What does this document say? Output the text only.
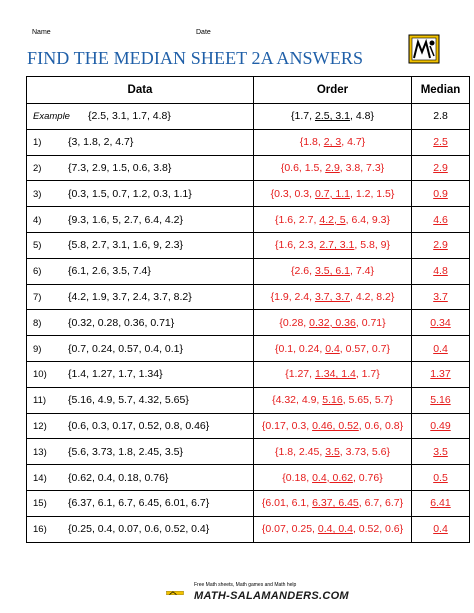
Name	Date
FIND THE MEDIAN SHEET 2A ANSWERS
Data	Order	Median
Example {2.5, 3.1, 1.7, 4.8}	{1.7, 2.5, 3.1, 4.8}	2.8
1) {3, 1.8, 2, 4.7}	{1.8, 2, 3, 4.7}	2.5
2) {7.3, 2.9, 1.5, 0.6, 3.8}	{0.6, 1.5, 2.9, 3.8, 7.3}	2.9
3) {0.3, 1.5, 0.7, 1.2, 0.3, 1.1}	{0.3, 0.3, 0.7, 1.1, 1.2, 1.5}	0.9
4) {9.3, 1.6, 5, 2.7, 6.4, 4.2}	{1.6, 2.7, 4.2, 5, 6.4, 9.3}	4.6
5) {5.8, 2.7, 3.1, 1.6, 9, 2.3}	{1.6, 2.3, 2.7, 3.1, 5.8, 9}	2.9
6) {6.1, 2.6, 3.5, 7.4}	{2.6, 3.5, 6.1, 7.4}	4.8
7) {4.2, 1.9, 3.7, 2.4, 3.7, 8.2}	{1.9, 2.4, 3.7, 3.7, 4.2, 8.2}	3.7
8) {0.32, 0.28, 0.36, 0.71}	{0.28, 0.32, 0.36, 0.71}	0.34
9) {0.7, 0.24, 0.57, 0.4, 0.1}	{0.1, 0.24, 0.4, 0.57, 0.7}	0.4
10) {1.4, 1.27, 1.7, 1.34}	{1.27, 1.34, 1.4, 1.7}	1.37
11) {5.16, 4.9, 5.7, 4.32, 5.65}	{4.32, 4.9, 5.16, 5.65, 5.7}	5.16
12) {0.6, 0.3, 0.17, 0.52, 0.8, 0.46}	{0.17, 0.3, 0.46, 0.52, 0.6, 0.8}	0.49
13) {5.6, 3.73, 1.8, 2.45, 3.5}	{1.8, 2.45, 3.5, 3.73, 5.6}	3.5
14) {0.62, 0.4, 0.18, 0.76}	{0.18, 0.4, 0.62, 0.76}	0.5
15) {6.37, 6.1, 6.7, 6.45, 6.01, 6.7}	{6.01, 6.1, 6.37, 6.45, 6.7, 6.7}	6.41
16) {0.25, 0.4, 0.07, 0.6, 0.52, 0.4}	{0.07, 0.25, 0.4, 0.4, 0.52, 0.6}	0.4
Free Math sheets, Math games and Math help
MATH-SALAMANDERS.COM
